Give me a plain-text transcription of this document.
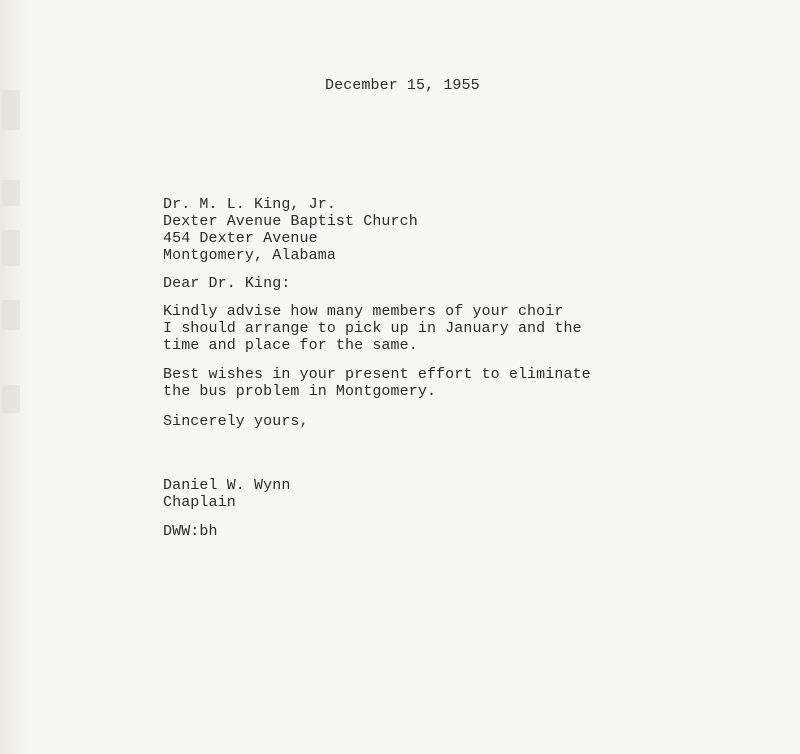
December 15, 1955

Dr. M. L. King, Jr.

Dexter Avenue Baptist Church

454 Dexter Avenue

Montgomery, Alabama

Dear Dr. King:

Kindly advise how many members of your choir

I should arrange to pick up in January and the

time and place for the same.

Best wishes in your present effort to eliminate

the bus problem in Montgomery.

Sincerely yours,

Daniel W. Wynn

Chaplain

DWW:bh
